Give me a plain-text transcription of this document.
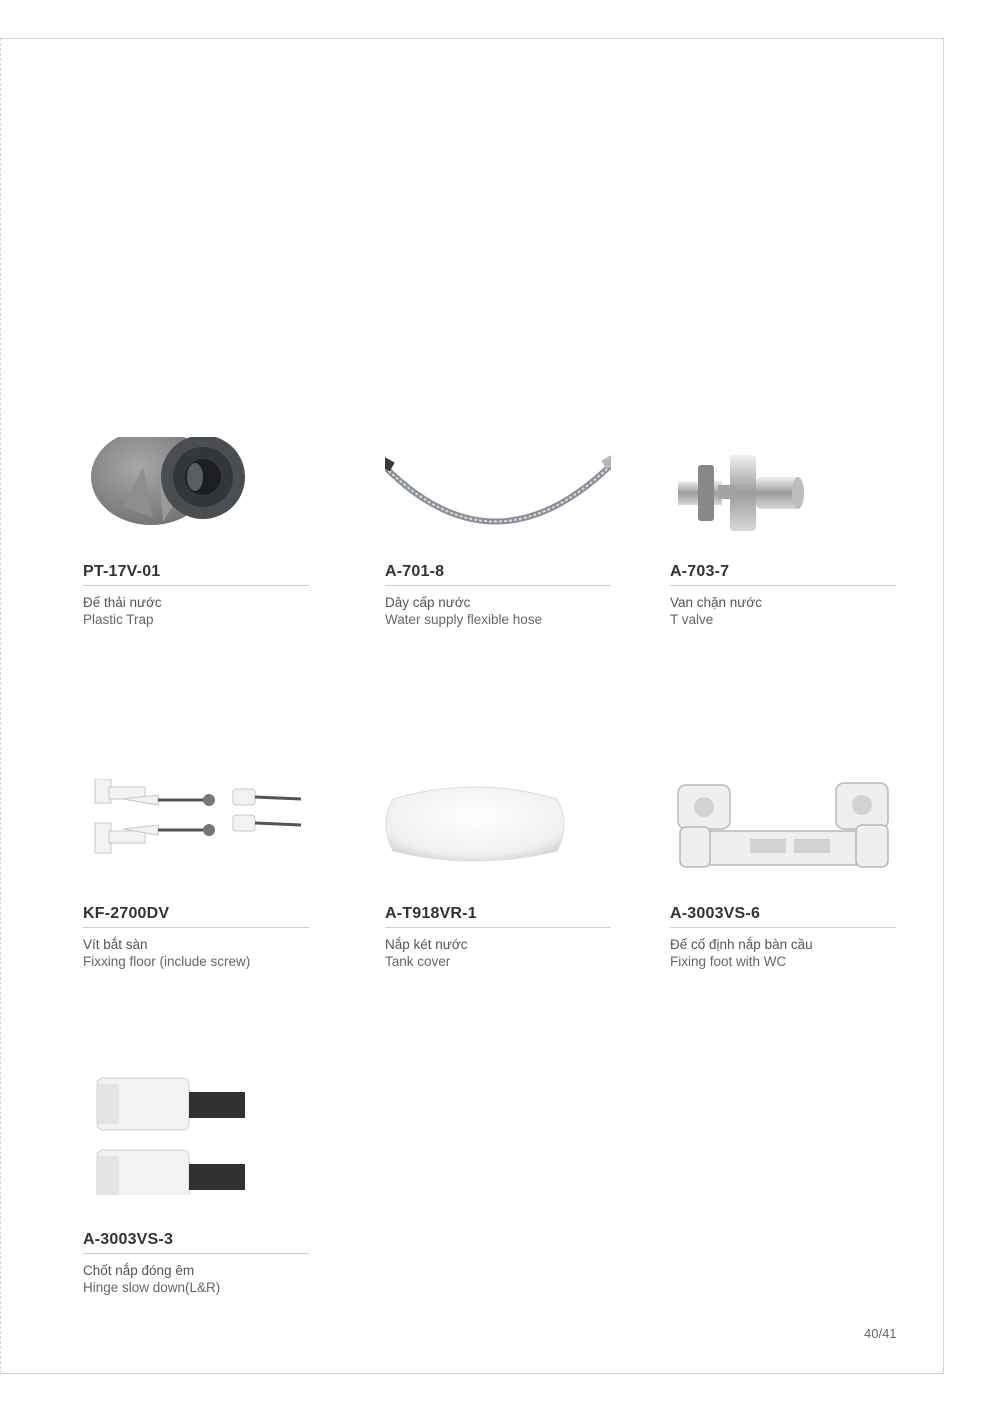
PT-17V-01
Đế thải nước
Plastic Trap
A-701-8
Dây cấp nước
Water supply flexible hose
A-703-7
Van chặn nước
T valve
KF-2700DV
Vít bắt sàn
Fixxing floor (include screw)
A-T918VR-1
Nắp két nước
Tank cover
A-3003VS-6
Đế cố định nắp bàn cầu
Fixing foot with WC
A-3003VS-3
Chốt nắp đóng êm
Hinge slow down(L&R)
40/41
